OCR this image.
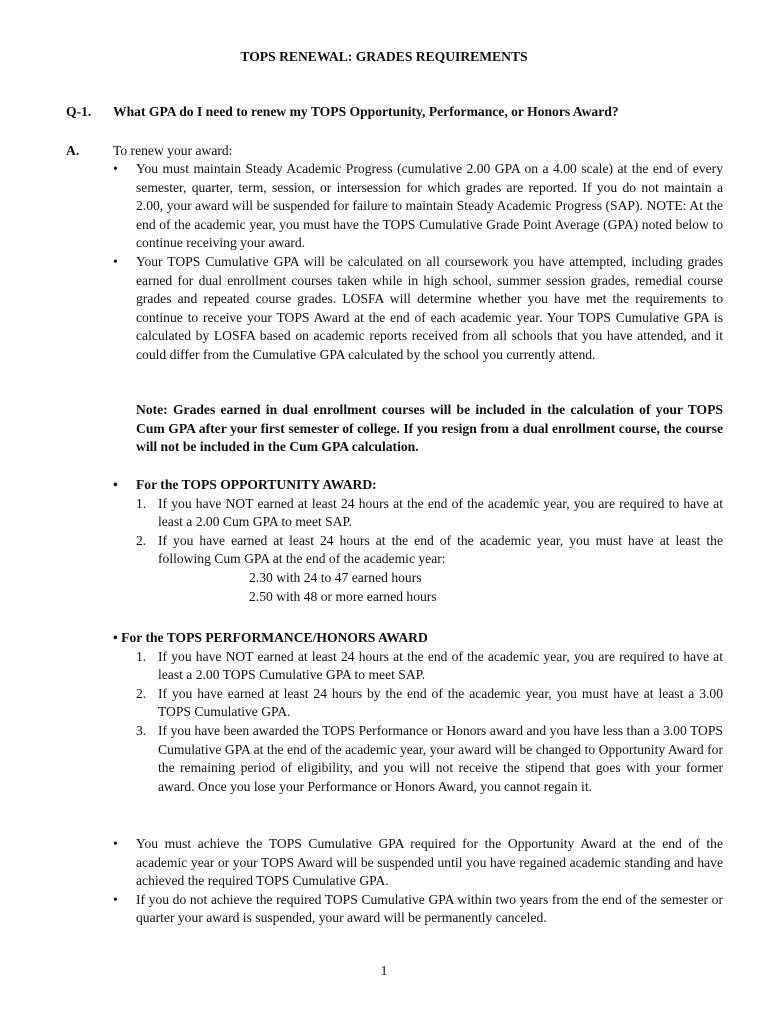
TOPS RENEWAL: GRADES REQUIREMENTS
Q-1. What GPA do I need to renew my TOPS Opportunity, Performance, or Honors Award?
A. To renew your award:
• You must maintain Steady Academic Progress (cumulative 2.00 GPA on a 4.00 scale) at the end of every semester, quarter, term, session, or intersession for which grades are reported. If you do not maintain a 2.00, your award will be suspended for failure to maintain Steady Academic Progress (SAP). NOTE: At the end of the academic year, you must have the TOPS Cumulative Grade Point Average (GPA) noted below to continue receiving your award.
• Your TOPS Cumulative GPA will be calculated on all coursework you have attempted, including grades earned for dual enrollment courses taken while in high school, summer session grades, remedial course grades and repeated course grades. LOSFA will determine whether you have met the requirements to continue to receive your TOPS Award at the end of each academic year. Your TOPS Cumulative GPA is calculated by LOSFA based on academic reports received from all schools that you have attended, and it could differ from the Cumulative GPA calculated by the school you currently attend.
Note: Grades earned in dual enrollment courses will be included in the calculation of your TOPS Cum GPA after your first semester of college. If you resign from a dual enrollment course, the course will not be included in the Cum GPA calculation.
• For the TOPS OPPORTUNITY AWARD:
1. If you have NOT earned at least 24 hours at the end of the academic year, you are required to have at least a 2.00 Cum GPA to meet SAP.
2. If you have earned at least 24 hours at the end of the academic year, you must have at least the following Cum GPA at the end of the academic year:
2.30 with 24 to 47 earned hours
2.50 with 48 or more earned hours
• For the TOPS PERFORMANCE/HONORS AWARD
1. If you have NOT earned at least 24 hours at the end of the academic year, you are required to have at least a 2.00 TOPS Cumulative GPA to meet SAP.
2. If you have earned at least 24 hours by the end of the academic year, you must have at least a 3.00 TOPS Cumulative GPA.
3. If you have been awarded the TOPS Performance or Honors award and you have less than a 3.00 TOPS Cumulative GPA at the end of the academic year, your award will be changed to Opportunity Award for the remaining period of eligibility, and you will not receive the stipend that goes with your former award. Once you lose your Performance or Honors Award, you cannot regain it.
• You must achieve the TOPS Cumulative GPA required for the Opportunity Award at the end of the academic year or your TOPS Award will be suspended until you have regained academic standing and have achieved the required TOPS Cumulative GPA.
• If you do not achieve the required TOPS Cumulative GPA within two years from the end of the semester or quarter your award is suspended, your award will be permanently canceled.
1
